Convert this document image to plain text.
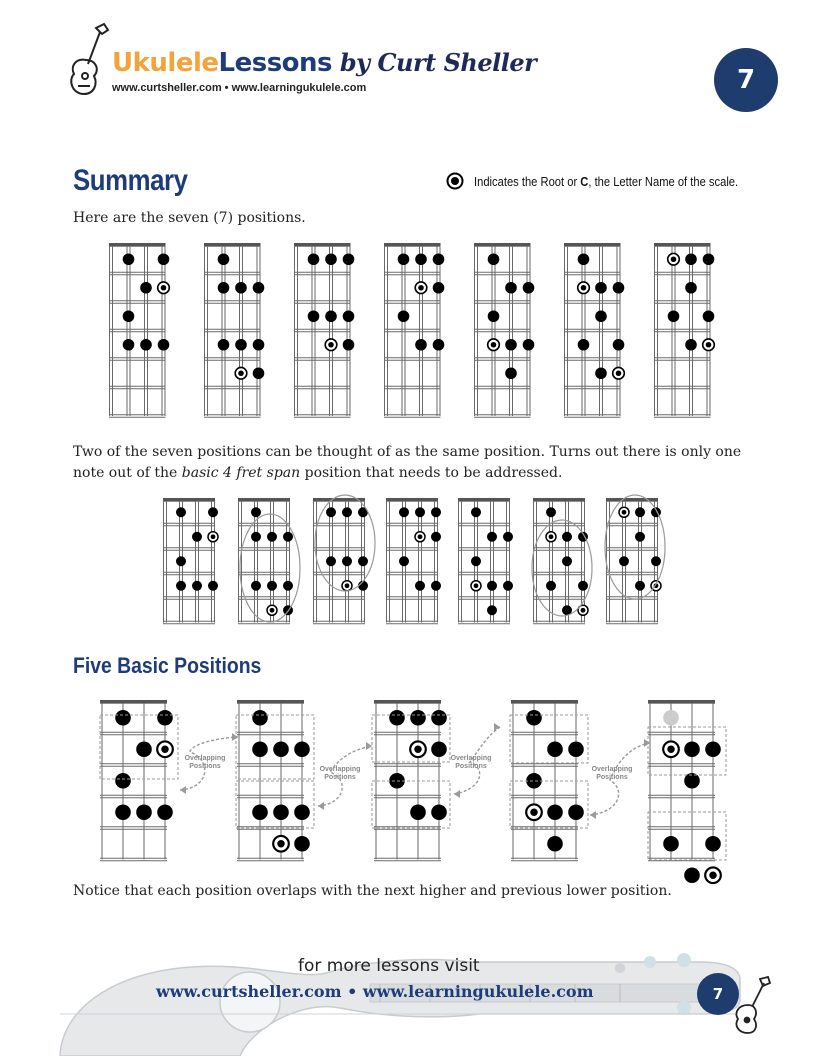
UkuleleLessons by Curt Sheller
www.curtsheller.com • www.learningukulele.com	7
Summary	Indicates the Root or C, the Letter Name of the scale.
Here are the seven (7) positions.
Two of the seven positions can be thought of as the same position. Turns out there is only one
note out of the basic 4 fret span position that needs to be addressed.
Five Basic Positions
Overlapping
Positions	Overlapping
Positions
Overlapping
Positions	Overlapping
Positions
Notice that each position overlaps with the next higher and previous lower position.
for more lessons visit
www.curtsheller.com • www.learningukulele.com	7
